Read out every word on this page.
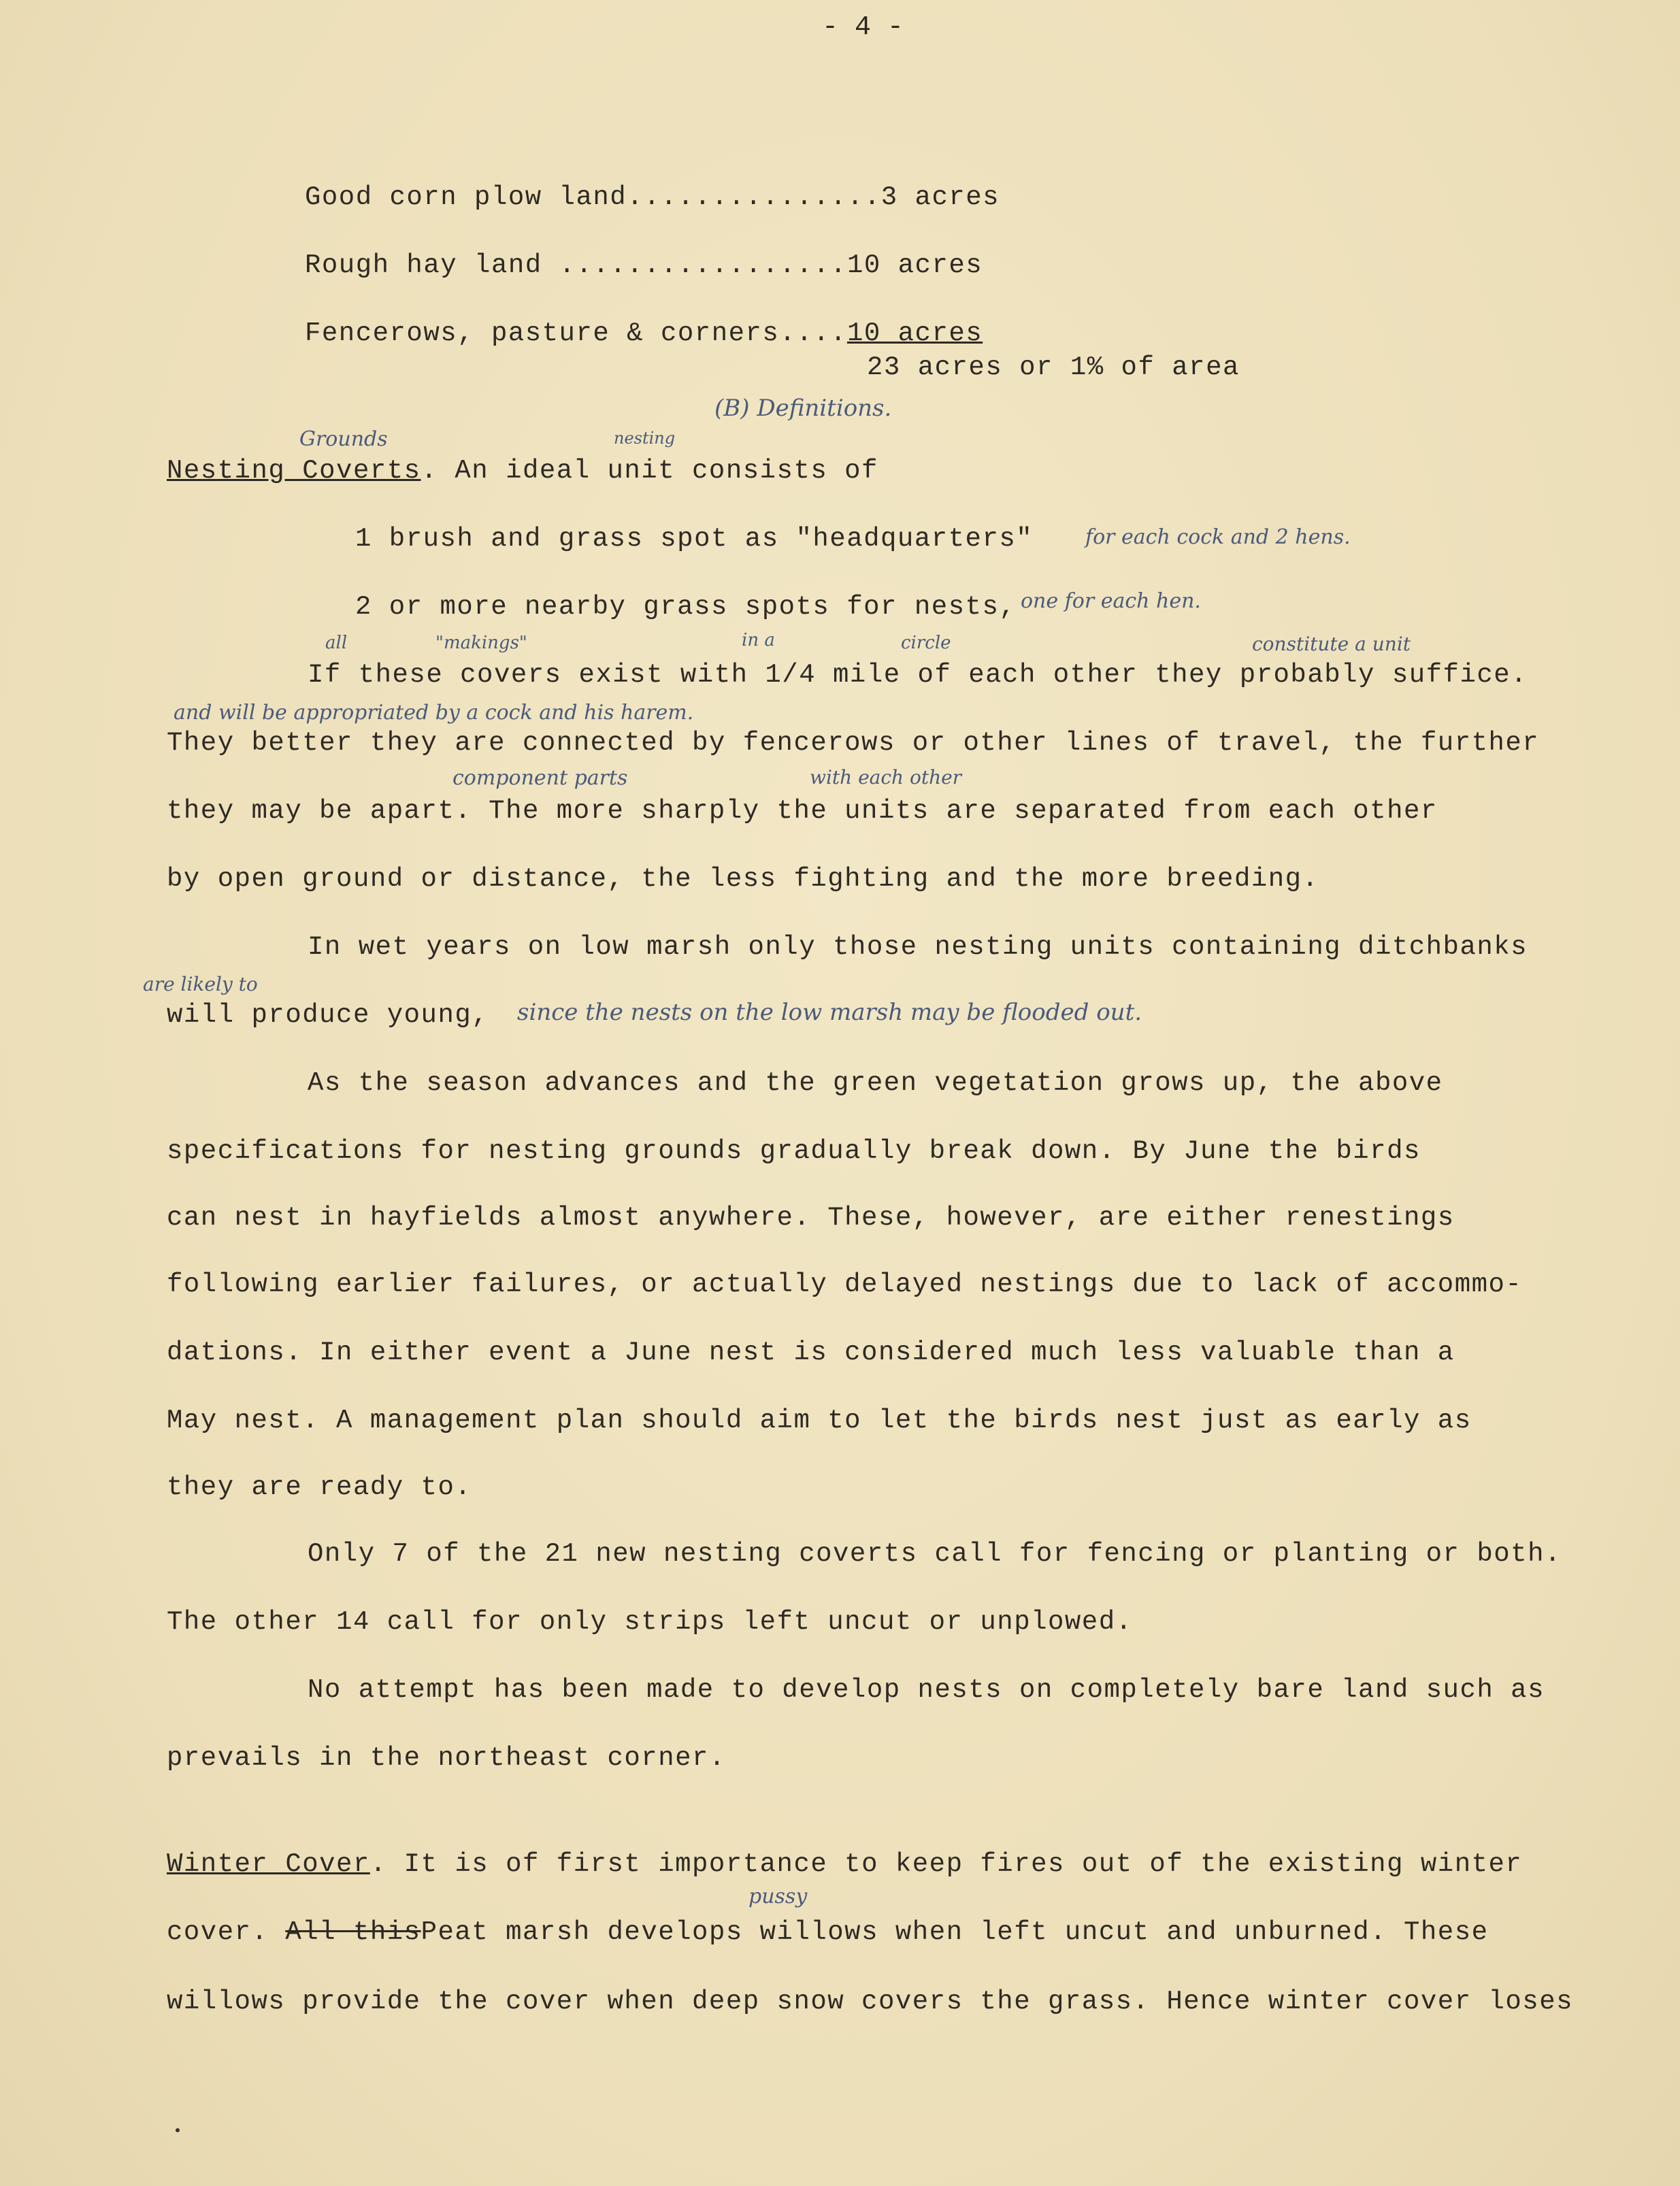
- 4 -
Good corn plow land...............3 acres
Rough hay land .................10 acres
Fencerows, pasture & corners....10 acres
23 acres or 1% of area
(B) Definitions.
Grounds	nesting
Nesting Coverts. An ideal unit consists of
1 brush and grass spot as "headquarters"	for each cock and 2 hens.
2 or more nearby grass spots for nests, one for each hen.
all	"makings"	in a	circle	constitute a unit
If these covers exist with 1/4 mile of each other they probably suffice.
and will be appropriated by a cock and his harem.
They better they are connected by fencerows or other lines of travel, the further
component parts	with each other
they may be apart. The more sharply the units are separated from each other
by open ground or distance, the less fighting and the more breeding.
In wet years on low marsh only those nesting units containing ditchbanks
are likely to
will produce young, since the nests on the low marsh may be flooded out.
As the season advances and the green vegetation grows up, the above
specifications for nesting grounds gradually break down. By June the birds
can nest in hayfields almost anywhere. These, however, are either renestings
following earlier failures, or actually delayed nestings due to lack of accommo-
dations. In either event a June nest is considered much less valuable than a
May nest. A management plan should aim to let the birds nest just as early as
they are ready to.
Only 7 of the 21 new nesting coverts call for fencing or planting or both.
The other 14 call for only strips left uncut or unplowed.
No attempt has been made to develop nests on completely bare land such as
prevails in the northeast corner.
Winter Cover. It is of first importance to keep fires out of the existing winter
pussy
cover. All thisPeat marsh develops willows when left uncut and unburned. These
willows provide the cover when deep snow covers the grass. Hence winter cover loses
